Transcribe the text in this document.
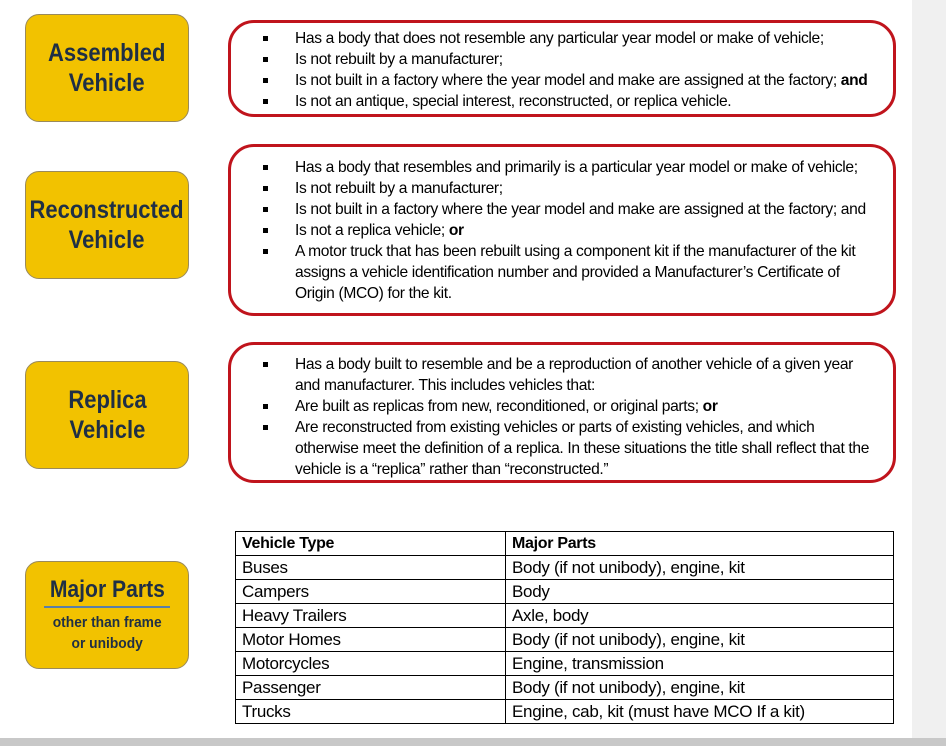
Assembled
Vehicle
Has a body that does not resemble any particular year model or make of vehicle;
Is not rebuilt by a manufacturer;
Is not built in a factory where the year model and make are assigned at the factory; and
Is not an antique, special interest, reconstructed, or replica vehicle.
Reconstructed
Vehicle
Has a body that resembles and primarily is a particular year model or make of vehicle;
Is not rebuilt by a manufacturer;
Is not built in a factory where the year model and make are assigned at the factory; and
Is not a replica vehicle; or
A motor truck that has been rebuilt using a component kit if the manufacturer of the kit assigns a vehicle identification number and provided a Manufacturer’s Certificate of Origin (MCO) for the kit.
Replica
Vehicle
Has a body built to resemble and be a reproduction of another vehicle of a given year and manufacturer. This includes vehicles that:
Are built as replicas from new, reconditioned, or original parts; or
Are reconstructed from existing vehicles or parts of existing vehicles, and which otherwise meet the definition of a replica. In these situations the title shall reflect that the vehicle is a “replica” rather than “reconstructed.”
Major Parts
other than frame
or unibody
Vehicle Type	Major Parts
Buses	Body (if not unibody), engine, kit
Campers	Body
Heavy Trailers	Axle, body
Motor Homes	Body (if not unibody), engine, kit
Motorcycles	Engine, transmission
Passenger	Body (if not unibody), engine, kit
Trucks	Engine, cab, kit (must have MCO If a kit)
